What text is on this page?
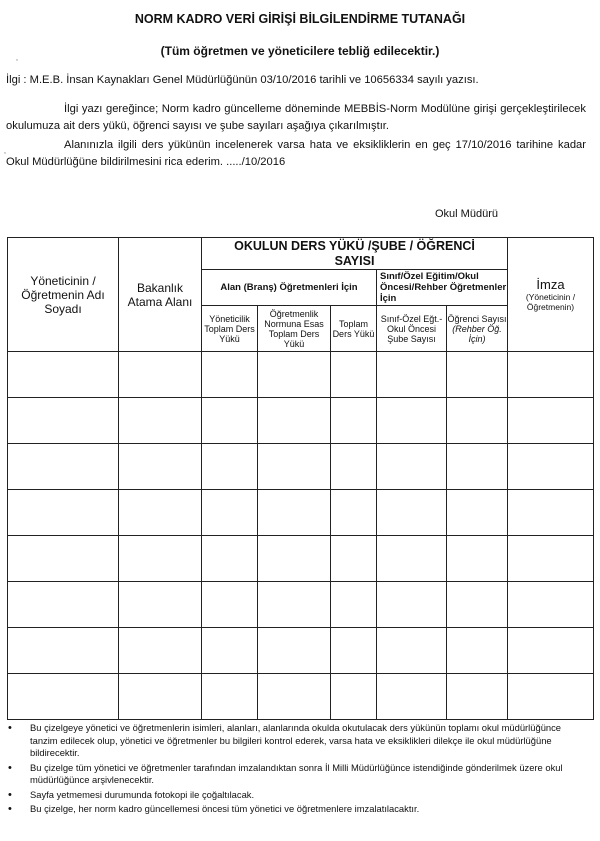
NORM KADRO VERİ GİRİŞİ BİLGİLENDİRME TUTANAĞI
(Tüm öğretmen ve yöneticilere tebliğ edilecektir.)
İlgi : M.E.B. İnsan Kaynakları Genel Müdürlüğünün 03/10/2016 tarihli ve 10656334 sayılı yazısı.
İlgi yazı gereğince; Norm kadro güncelleme döneminde MEBBİS-Norm Modülüne girişi gerçekleştirilecek okulumuza ait ders yükü, öğrenci sayısı ve şube sayıları aşağıya çıkarılmıştır.
Alanınızla ilgili ders yükünün incelenerek varsa hata ve eksikliklerin en geç 17/10/2016 tarihine kadar Okul Müdürlüğüne bildirilmesini rica ederim. ...../10/2016
Okul Müdürü
,
,
Yöneticinin / Öğretmenin Adı Soyadı	Bakanlık Atama Alanı	OKULUN DERS YÜKÜ /ŞUBE / ÖĞRENCİ SAYISI					İmza
(Yöneticinin / Öğretmenin)

		Alan (Branş) Öğretmenleri İçin			Sınıf/Özel Eğitim/Okul Öncesi/Rehber Öğretmenler İçin		
		Yöneticilik Toplam Ders Yükü	Öğretmenlik Normuna Esas Toplam Ders Yükü	Toplam Ders Yükü	Sınıf-Özel Eğt.-Okul Öncesi Şube Sayısı	Öğrenci Sayısı
(Rehber Öğ. İçin)	

• Bu çizelgeye yönetici ve öğretmenlerin isimleri, alanları, alanlarında okulda okutulacak ders yükünün toplamı okul müdürlüğünce tanzim edilecek olup, yönetici ve öğretmenler bu bilgileri kontrol ederek, varsa hata ve eksiklikleri dilekçe ile okul müdürlüğüne bildirecektir.
• Bu çizelge tüm yönetici ve öğretmenler tarafından imzalandıktan sonra İl Milli Müdürlüğünce istendiğinde gönderilmek üzere okul müdürlüğünce arşivlenecektir.
• Sayfa yetmemesi durumunda fotokopi ile çoğaltılacak.
• Bu çizelge, her norm kadro güncellemesi öncesi tüm yönetici ve öğretmenlere imzalatılacaktır.
